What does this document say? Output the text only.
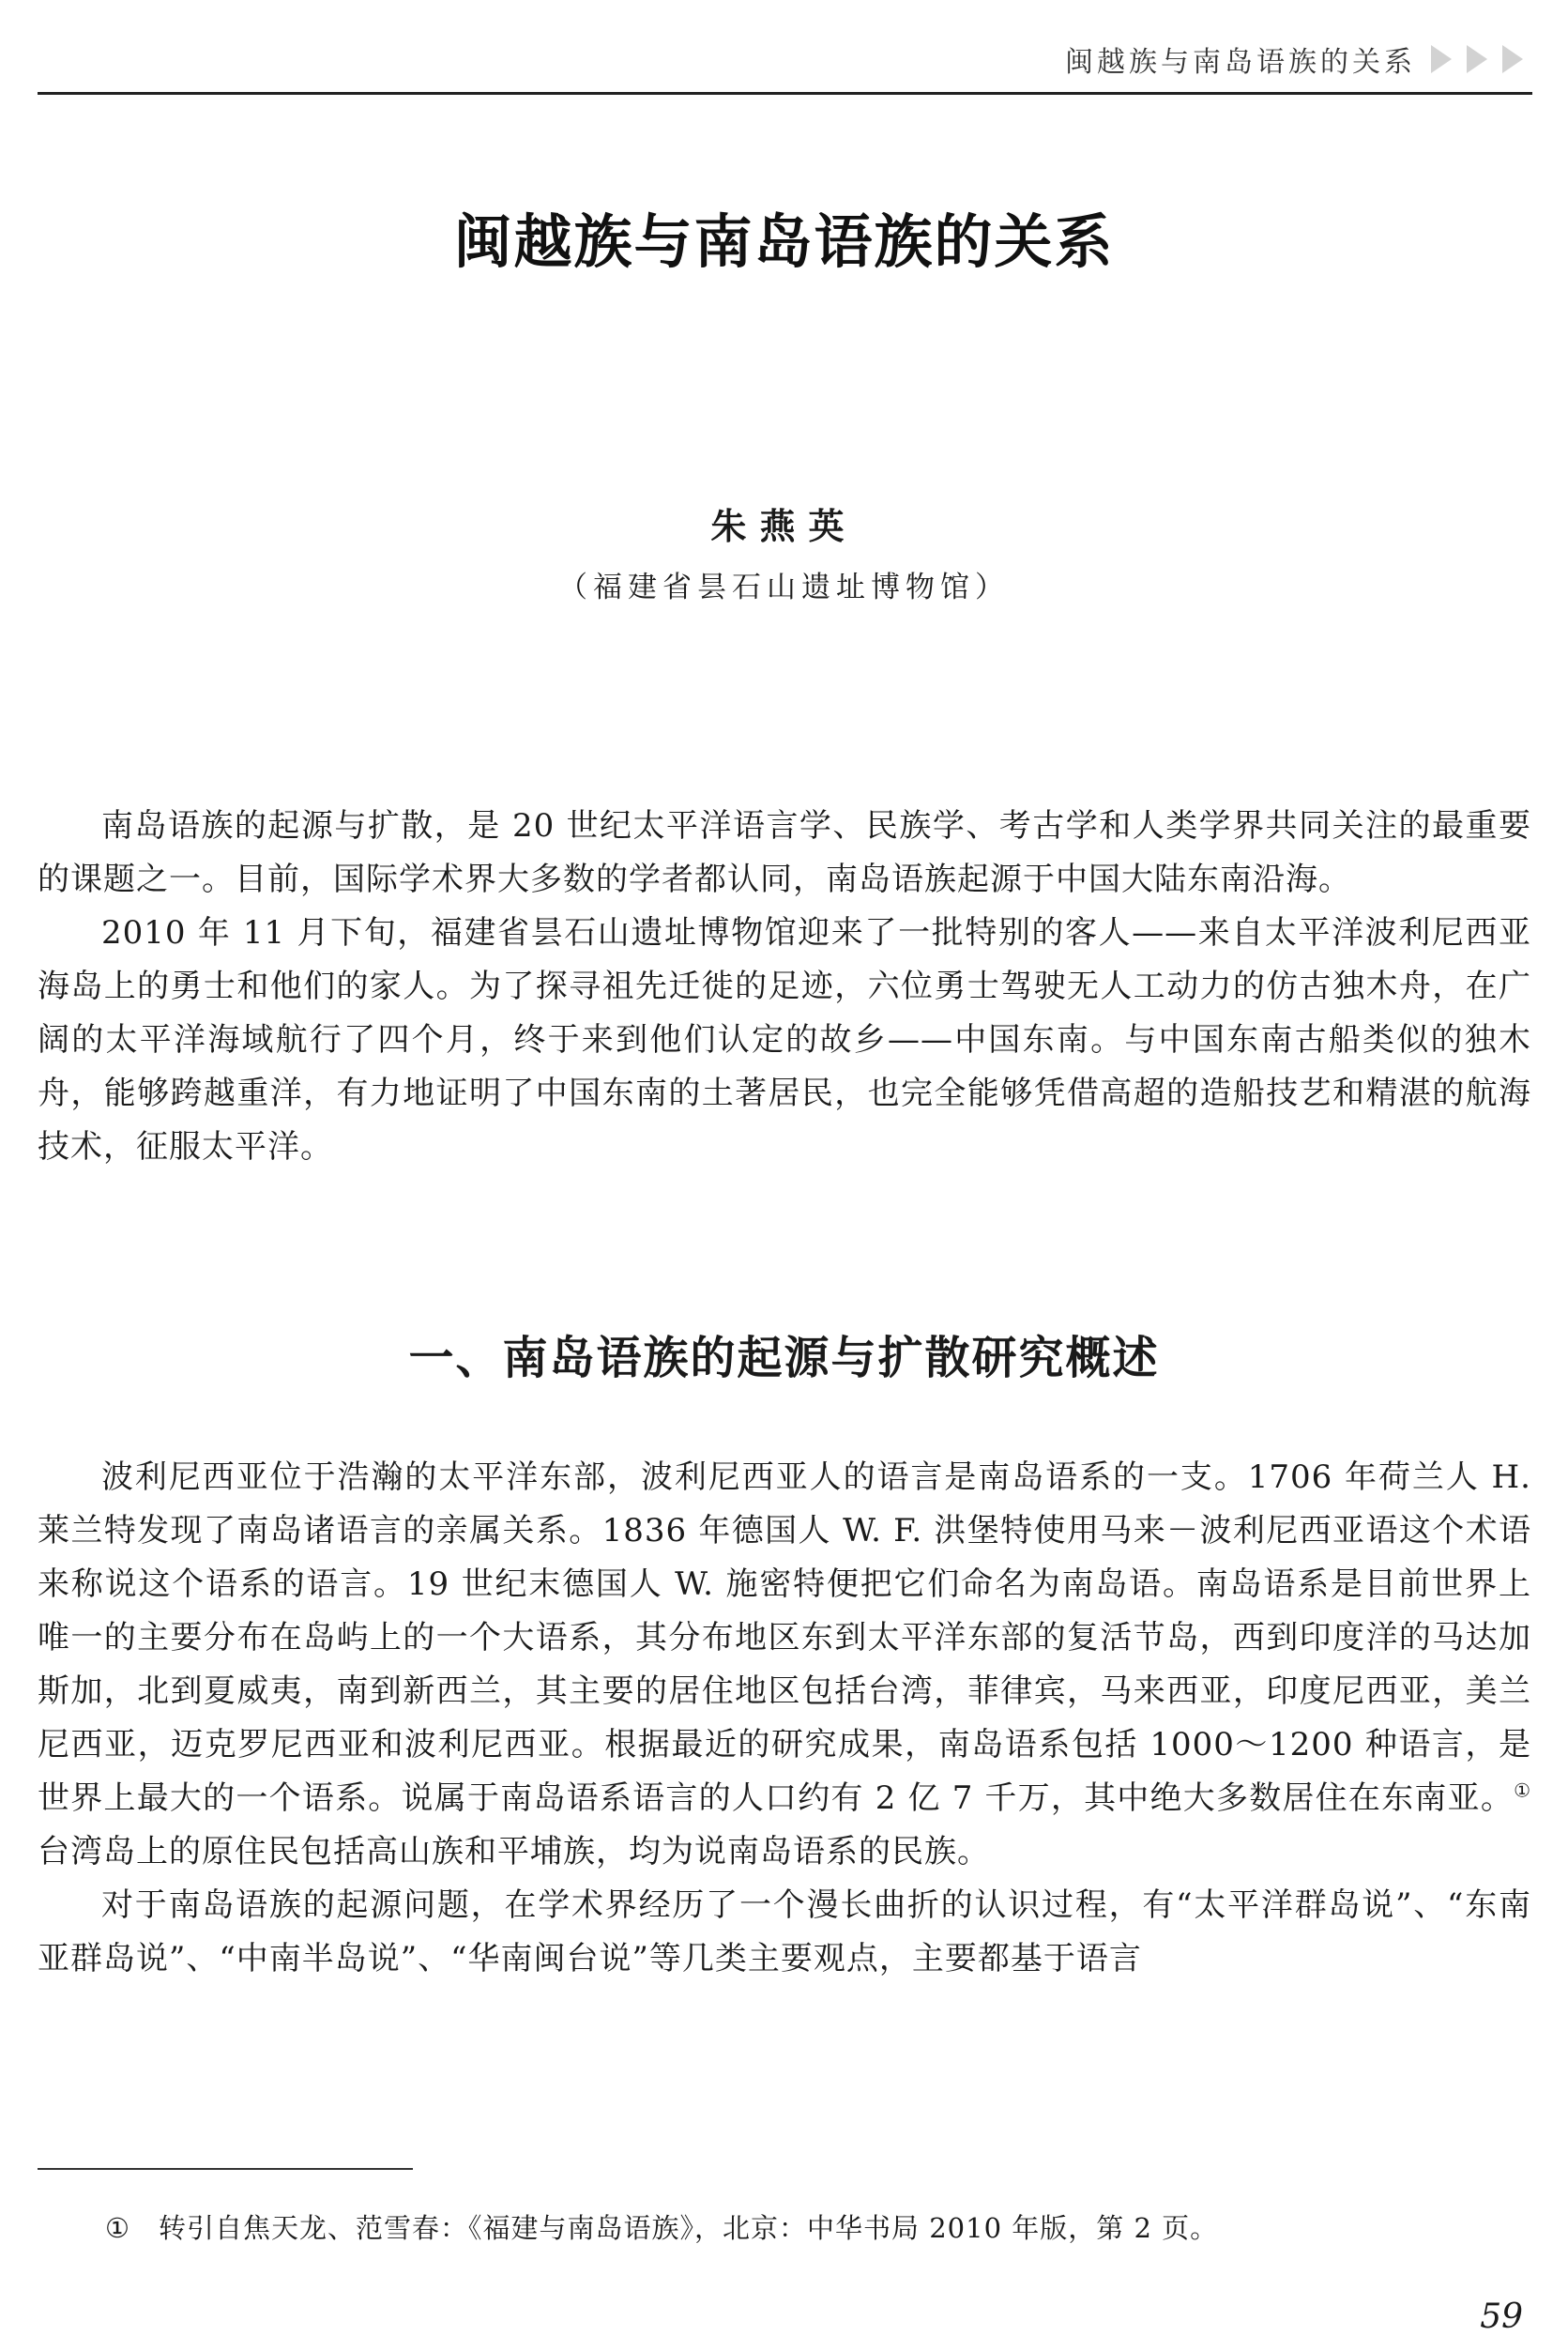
闽越族与南岛语族的关系
闽越族与南岛语族的关系
朱燕英
（福建省昙石山遗址博物馆）

南岛语族的起源与扩散，是 20 世纪太平洋语言学、民族学、考古学和人类学界共同关注的最重要的课题之一。目前，国际学术界大多数的学者都认同，南岛语族起源于中国大陆东南沿海。

2010 年 11 月下旬，福建省昙石山遗址博物馆迎来了一批特别的客人——来自太平洋波利尼西亚海岛上的勇士和他们的家人。为了探寻祖先迁徙的足迹，六位勇士驾驶无人工动力的仿古独木舟，在广阔的太平洋海域航行了四个月，终于来到他们认定的故乡——中国东南。与中国东南古船类似的独木舟，能够跨越重洋，有力地证明了中国东南的土著居民，也完全能够凭借高超的造船技艺和精湛的航海技术，征服太平洋。

一、南岛语族的起源与扩散研究概述

波利尼西亚位于浩瀚的太平洋东部，波利尼西亚人的语言是南岛语系的一支。1706 年荷兰人 H. 莱兰特发现了南岛诸语言的亲属关系。1836 年德国人 W. F. 洪堡特使用马来－波利尼西亚语这个术语来称说这个语系的语言。19 世纪末德国人 W. 施密特便把它们命名为南岛语。南岛语系是目前世界上唯一的主要分布在岛屿上的一个大语系，其分布地区东到太平洋东部的复活节岛，西到印度洋的马达加斯加，北到夏威夷，南到新西兰，其主要的居住地区包括台湾，菲律宾，马来西亚，印度尼西亚，美兰尼西亚，迈克罗尼西亚和波利尼西亚。根据最近的研究成果，南岛语系包括 1000～1200 种语言，是世界上最大的一个语系。说属于南岛语系语言的人口约有 2 亿 7 千万，其中绝大多数居住在东南亚。① 台湾岛上的原住民包括高山族和平埔族，均为说南岛语系的民族。

对于南岛语族的起源问题，在学术界经历了一个漫长曲折的认识过程，有“太平洋群岛说”、“东南亚群岛说”、“中南半岛说”、“华南闽台说”等几类主要观点，主要都基于语言

① 转引自焦天龙、范雪春：《福建与南岛语族》，北京：中华书局 2010 年版，第 2 页。
59
